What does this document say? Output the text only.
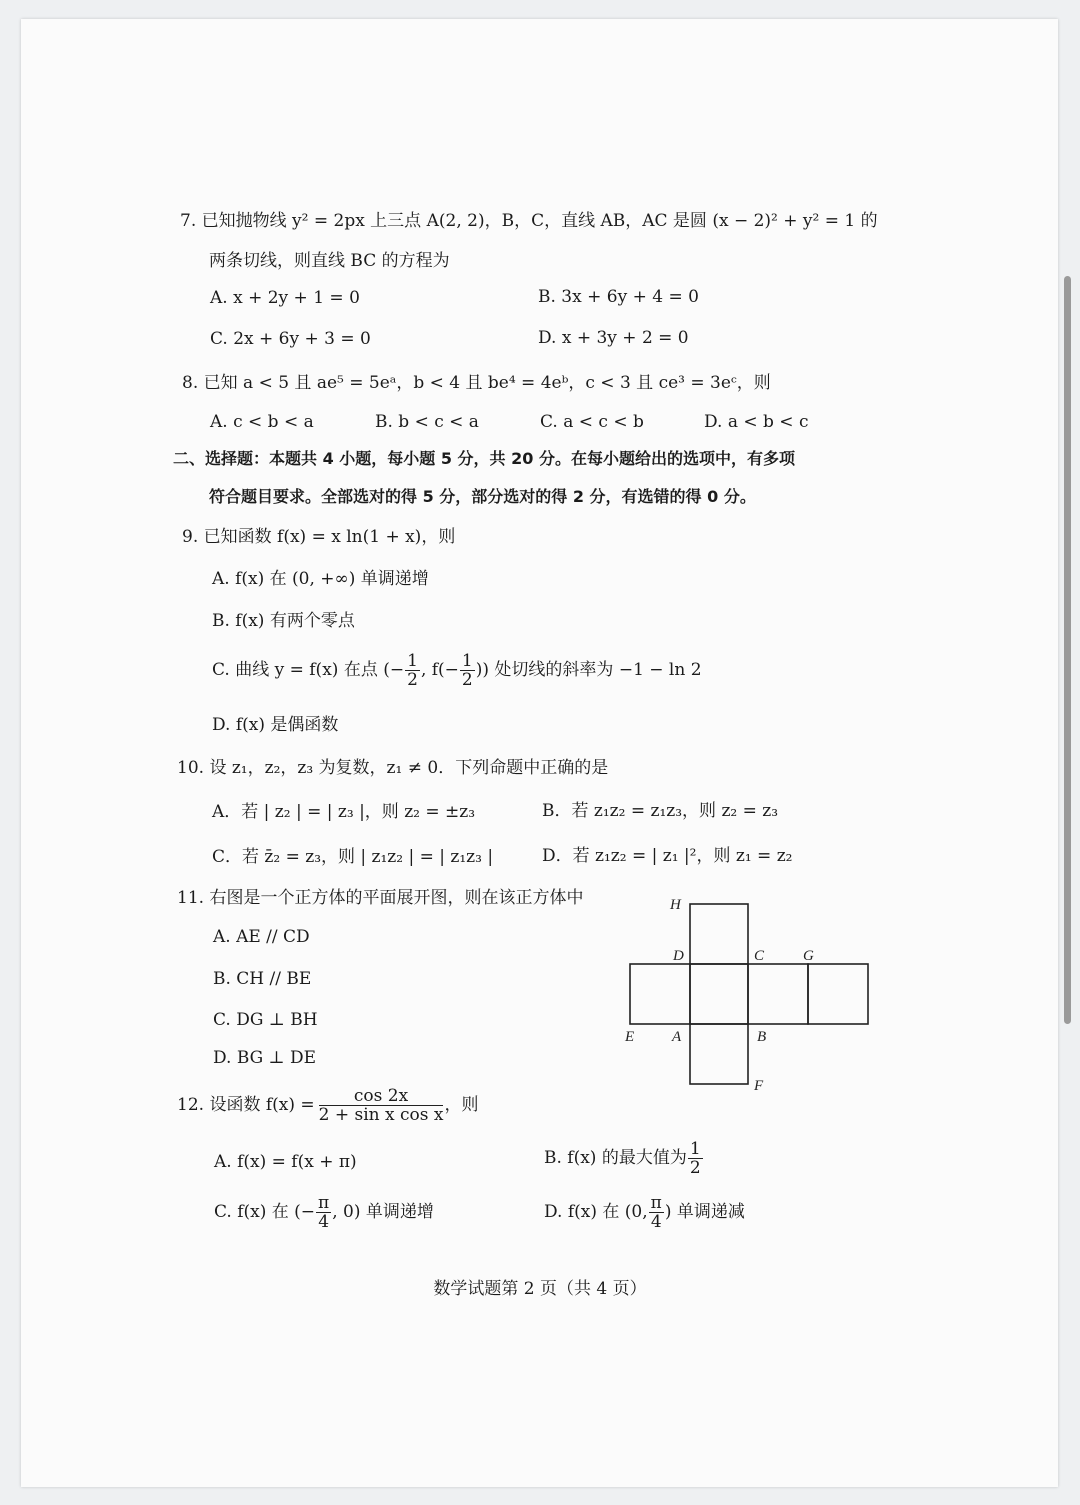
7. 已知抛物线 y² = 2px 上三点 A(2, 2)，B，C，直线 AB，AC 是圆 (x − 2)² + y² = 1 的
两条切线，则直线 BC 的方程为
A. x + 2y + 1 = 0	B. 3x + 6y + 4 = 0
C. 2x + 6y + 3 = 0	D. x + 3y + 2 = 0
8. 已知 a < 5 且 ae⁵ = 5eᵃ，b < 4 且 be⁴ = 4eᵇ，c < 3 且 ce³ = 3eᶜ，则
A. c < b < a	B. b < c < a	C. a < c < b	D. a < b < c
二、选择题：本题共 4 小题，每小题 5 分，共 20 分。在每小题给出的选项中，有多项
符合题目要求。全部选对的得 5 分，部分选对的得 2 分，有选错的得 0 分。
9. 已知函数 f(x) = x ln(1 + x)，则
A. f(x) 在 (0, +∞) 单调递增
B. f(x) 有两个零点
C. 曲线 y = f(x) 在点 (− $\frac{1}{2}$ , $f(- \frac{1}{2}$ )) 处切线的斜率为 −1 − ln 2
D. f(x) 是偶函数
10. 设 z₁，z₂，z₃ 为复数，z₁ ≠ 0．下列命题中正确的是
A．若 | z₂ | = | z₃ |，则 z₂ = ±z₃	B．若 z₁z₂ = z₁z₃，则 z₂ = z₃
C．若 z̄₂ = z₃，则 | z₁z₂ | = | z₁z₃ |	D．若 z₁z₂ = | z₁ |²，则 z₁ = z₂
11. 右图是一个正方体的平面展开图，则在该正方体中
A. AE // CD
B. CH // BE
C. DG ⊥ BH
D. BG ⊥ DE
H
D	C	G
E	A	B
F
12. 设函数 $f(x) = \frac{\cos 2x}{\text{2 + sin x cos x}}$ ，则
A. f(x) = f(x + π)	B. f(x) 的最大值为 $\frac{1}{2}$
C. f(x) 在 (− $\frac{\pi}{4}$ , 0) 单调递增	D. f(x) 在 (0, $\frac{\pi}{4}$ ) 单调递减
数学试题第 2 页（共 4 页）
